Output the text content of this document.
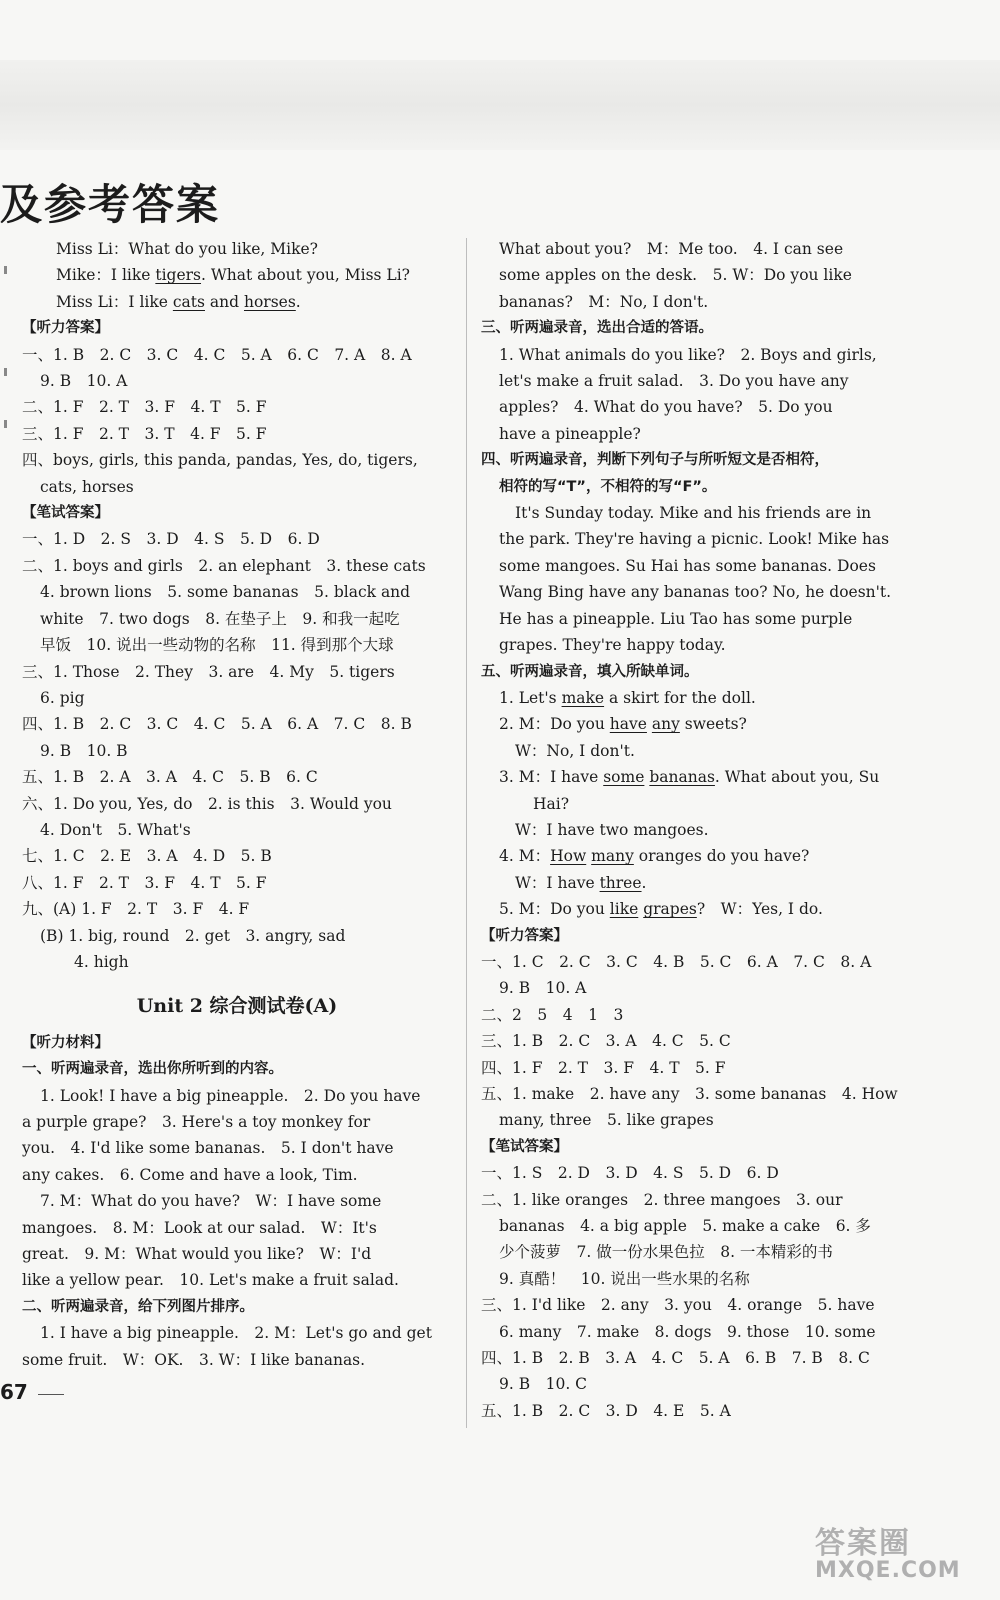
及参考答案
Miss Li：What do you like, Mike?
Mike：I like tigers. What about you, Miss Li?
Miss Li：I like cats and horses.
【听力答案】
一、1. B　2. C　3. C　4. C　5. A　6. C　7. A　8. A
9. B　10. A
二、1. F　2. T　3. F　4. T　5. F
三、1. F　2. T　3. T　4. F　5. F
四、boys, girls, this panda, pandas, Yes, do, tigers,
cats, horses
【笔试答案】
一、1. D　2. S　3. D　4. S　5. D　6. D
二、1. boys and girls　2. an elephant　3. these cats
4. brown lions　5. some bananas　5. black and
white　7. two dogs　8. 在垫子上　9. 和我一起吃
早饭　10. 说出一些动物的名称　11. 得到那个大球
三、1. Those　2. They　3. are　4. My　5. tigers
6. pig
四、1. B　2. C　3. C　4. C　5. A　6. A　7. C　8. B
9. B　10. B
五、1. B　2. A　3. A　4. C　5. B　6. C
六、1. Do you, Yes, do　2. is this　3. Would you
4. Don't　5. What's
七、1. C　2. E　3. A　4. D　5. B
八、1. F　2. T　3. F　4. T　5. F
九、(A) 1. F　2. T　3. F　4. F
(B) 1. big, round　2. get　3. angry, sad
4. high
Unit 2 综合测试卷(A)
【听力材料】
一、听两遍录音，选出你所听到的内容。
1. Look! I have a big pineapple.　2. Do you have
a purple grape?　3. Here's a toy monkey for
you.　4. I'd like some bananas.　5. I don't have
any cakes.　6. Come and have a look, Tim.
7. M：What do you have?　W：I have some
mangoes.　8. M：Look at our salad.　W：It's
great.　9. M：What would you like?　W：I'd
like a yellow pear.　10. Let's make a fruit salad.
二、听两遍录音，给下列图片排序。
1. I have a big pineapple.　2. M：Let's go and get
some fruit.　W：OK.　3. W：I like bananas.
What about you?　M：Me too.　4. I can see
some apples on the desk.　5. W：Do you like
bananas?　M：No, I don't.
三、听两遍录音，选出合适的答语。
1. What animals do you like?　2. Boys and girls,
let's make a fruit salad.　3. Do you have any
apples?　4. What do you have?　5. Do you
have a pineapple?
四、听两遍录音，判断下列句子与所听短文是否相符，
相符的写“T”，不相符的写“F”。
It's Sunday today. Mike and his friends are in
the park. They're having a picnic. Look! Mike has
some mangoes. Su Hai has some bananas. Does
Wang Bing have any bananas too? No, he doesn't.
He has a pineapple. Liu Tao has some purple
grapes. They're happy today.
五、听两遍录音，填入所缺单词。
1. Let's make a skirt for the doll.
2. M：Do you have any sweets?
W：No, I don't.
3. M：I have some bananas. What about you, Su
Hai?
W：I have two mangoes.
4. M：How many oranges do you have?
W：I have three.
5. M：Do you like grapes?　W：Yes, I do.
【听力答案】
一、1. C　2. C　3. C　4. B　5. C　6. A　7. C　8. A
9. B　10. A
二、2　5　4　1　3
三、1. B　2. C　3. A　4. C　5. C
四、1. F　2. T　3. F　4. T　5. F
五、1. make　2. have any　3. some bananas　4. How
many, three　5. like grapes
【笔试答案】
一、1. S　2. D　3. D　4. S　5. D　6. D
二、1. like oranges　2. three mangoes　3. our
bananas　4. a big apple　5. make a cake　6. 多
少个菠萝　7. 做一份水果色拉　8. 一本精彩的书
9. 真酷！　10. 说出一些水果的名称
三、1. I'd like　2. any　3. you　4. orange　5. have
6. many　7. make　8. dogs　9. those　10. some
四、1. B　2. B　3. A　4. C　5. A　6. B　7. B　8. C
9. B　10. C
五、1. B　2. C　3. D　4. E　5. A
67
答案圈
MXQE.COM
